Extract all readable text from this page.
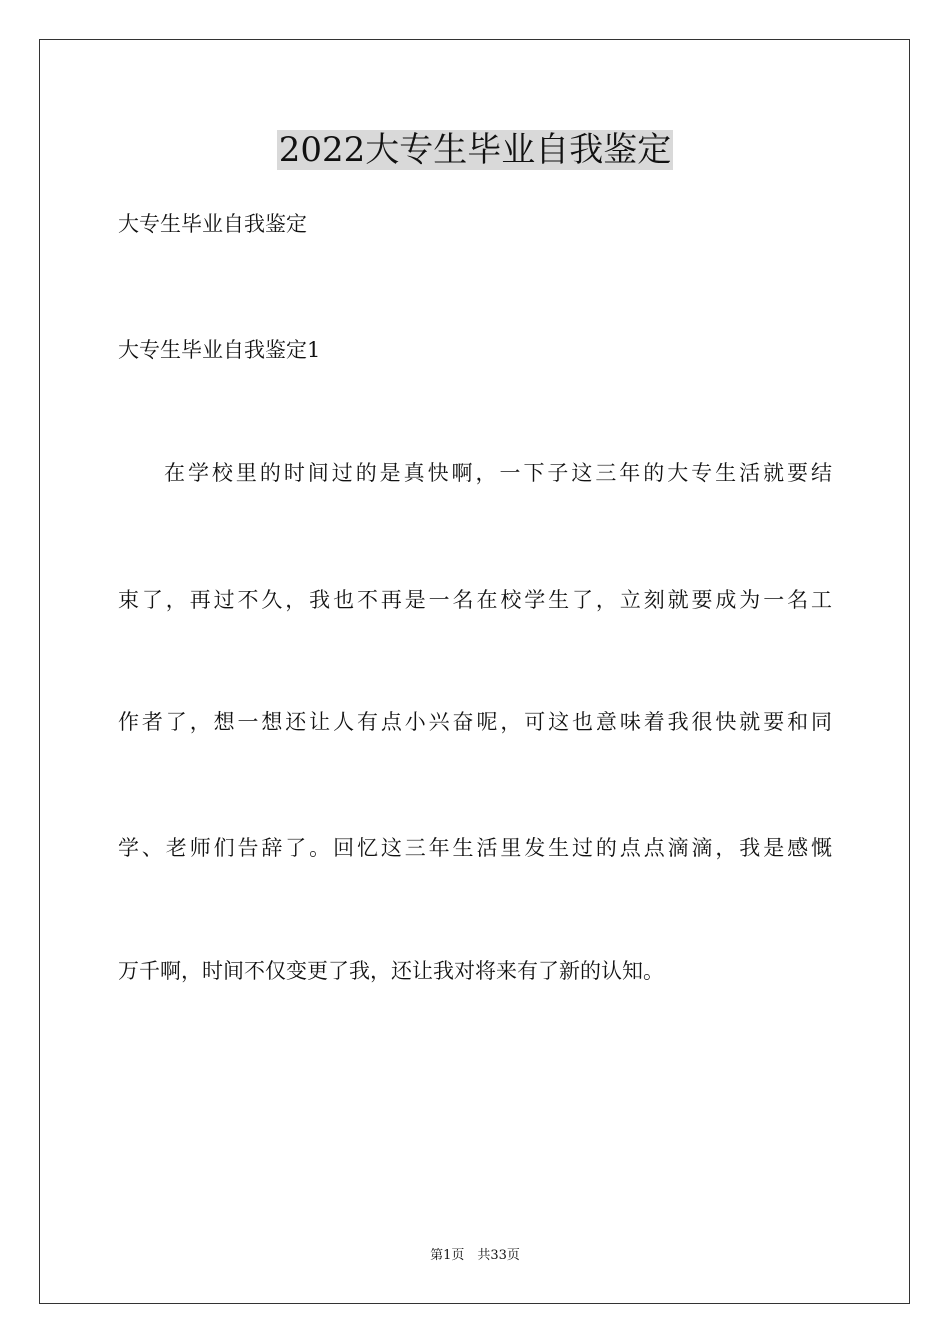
2022大专生毕业自我鉴定
大专生毕业自我鉴定
大专生毕业自我鉴定1
在学校里的时间过的是真快啊，一下子这三年的大专生活就要结
束了，再过不久，我也不再是一名在校学生了，立刻就要成为一名工
作者了，想一想还让人有点小兴奋呢，可这也意味着我很快就要和同
学、老师们告辞了。回忆这三年生活里发生过的点点滴滴，我是感慨
万千啊，时间不仅变更了我，还让我对将来有了新的认知。
第1页　共33页
